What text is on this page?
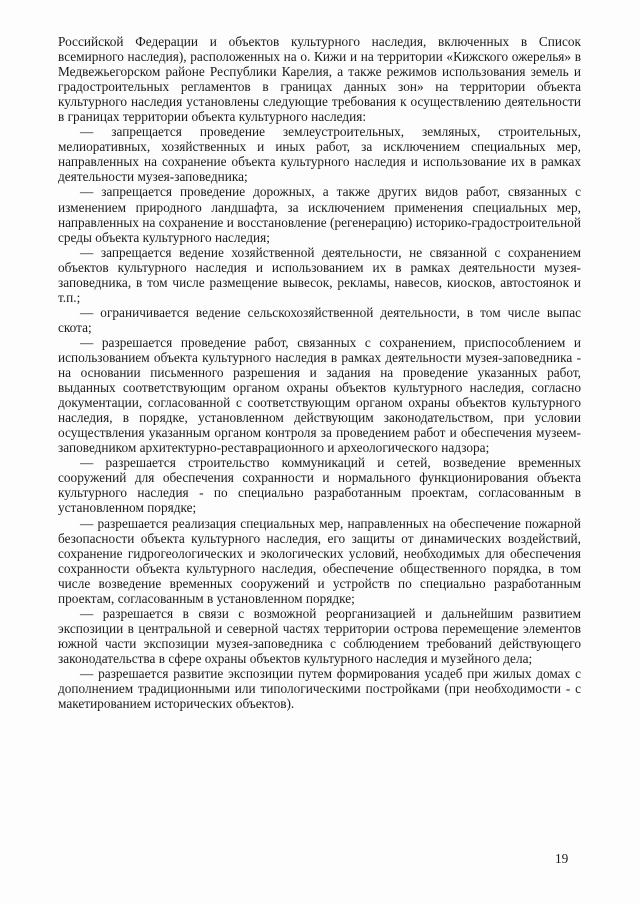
Российской Федерации и объектов культурного наследия, включенных в Список всемирного наследия), расположенных на о. Кижи и на территории «Кижского ожерелья» в Медвежьегорском районе Республики Карелия, а также режимов использования земель и градостроительных регламентов в границах данных зон» на территории объекта культурного наследия установлены следующие требования к осуществлению деятельности в границах территории объекта культурного наследия:

— запрещается проведение землеустроительных, земляных, строительных, мелиоративных, хозяйственных и иных работ, за исключением специальных мер, направленных на сохранение объекта культурного наследия и использование их в рамках деятельности музея-заповедника;

— запрещается проведение дорожных, а также других видов работ, связанных с изменением природного ландшафта, за исключением применения специальных мер, направленных на сохранение и восстановление (регенерацию) историко-градостроительной среды объекта культурного наследия;

— запрещается ведение хозяйственной деятельности, не связанной с сохранением объектов культурного наследия и использованием их в рамках деятельности музея-заповедника, в том числе размещение вывесок, рекламы, навесов, киосков, автостоянок и т.п.;

— ограничивается ведение сельскохозяйственной деятельности, в том числе выпас скота;

— разрешается проведение работ, связанных с сохранением, приспособлением и использованием объекта культурного наследия в рамках деятельности музея-заповедника - на основании письменного разрешения и задания на проведение указанных работ, выданных соответствующим органом охраны объектов культурного наследия, согласно документации, согласованной с соответствующим органом охраны объектов культурного наследия, в порядке, установленном действующим законодательством, при условии осуществления указанным органом контроля за проведением работ и обеспечения музеем-заповедником архитектурно-реставрационного и археологического надзора;

— разрешается строительство коммуникаций и сетей, возведение временных сооружений для обеспечения сохранности и нормального функционирования объекта культурного наследия - по специально разработанным проектам, согласованным в установленном порядке;

— разрешается реализация специальных мер, направленных на обеспечение пожарной безопасности объекта культурного наследия, его защиты от динамических воздействий, сохранение гидрогеологических и экологических условий, необходимых для обеспечения сохранности объекта культурного наследия, обеспечение общественного порядка, в том числе возведение временных сооружений и устройств по специально разработанным проектам, согласованным в установленном порядке;

— разрешается в связи с возможной реорганизацией и дальнейшим развитием экспозиции в центральной и северной частях территории острова перемещение элементов южной части экспозиции музея-заповедника с соблюдением требований действующего законодательства в сфере охраны объектов культурного наследия и музейного дела;

— разрешается развитие экспозиции путем формирования усадеб при жилых домах с дополнением традиционными или типологическими постройками (при необходимости - с макетированием исторических объектов).

19
